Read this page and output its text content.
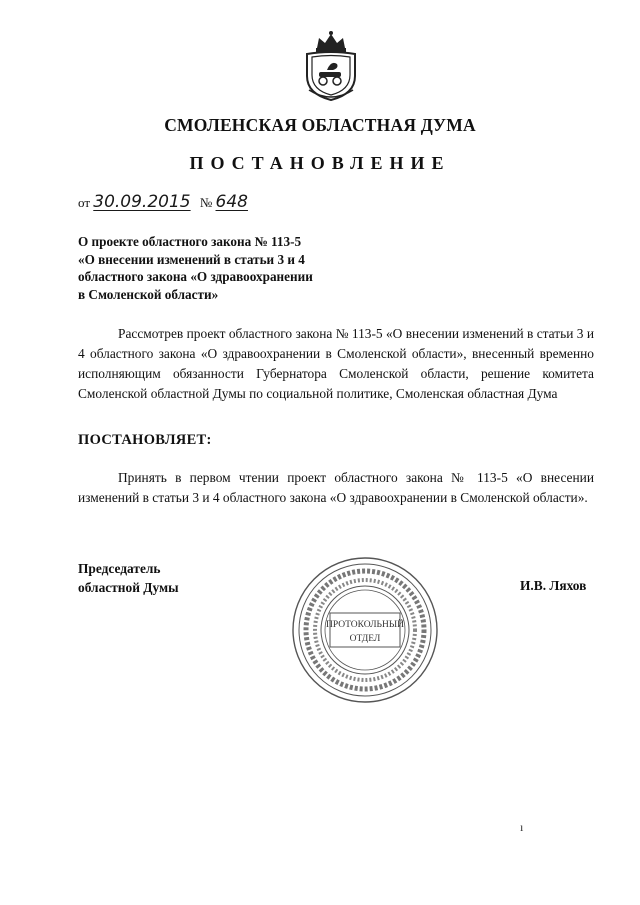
СМОЛЕНСКАЯ ОБЛАСТНАЯ ДУМА
ПОСТАНОВЛЕНИЕ
от 30.09.2015 № 648
О проекте областного закона № 113-5
«О внесении изменений в статьи 3 и 4
областного закона «О здравоохранении
в Смоленской области»
Рассмотрев проект областного закона № 113-5 «О внесении изменений в статьи 3 и 4 областного закона «О здравоохранении в Смоленской области», внесенный временно исполняющим обязанности Губернатора Смоленской области, решение комитета Смоленской областной Думы по социальной политике, Смоленская областная Дума
ПОСТАНОВЛЯЕТ:
Принять в первом чтении проект областного закона № 113-5 «О внесении изменений в статьи 3 и 4 областного закона «О здравоохранении в Смоленской области».
Председатель
областной Думы
ПРОТОКОЛЬНЫЙ
ОТДЕЛ
И.В. Ляхов
ı
